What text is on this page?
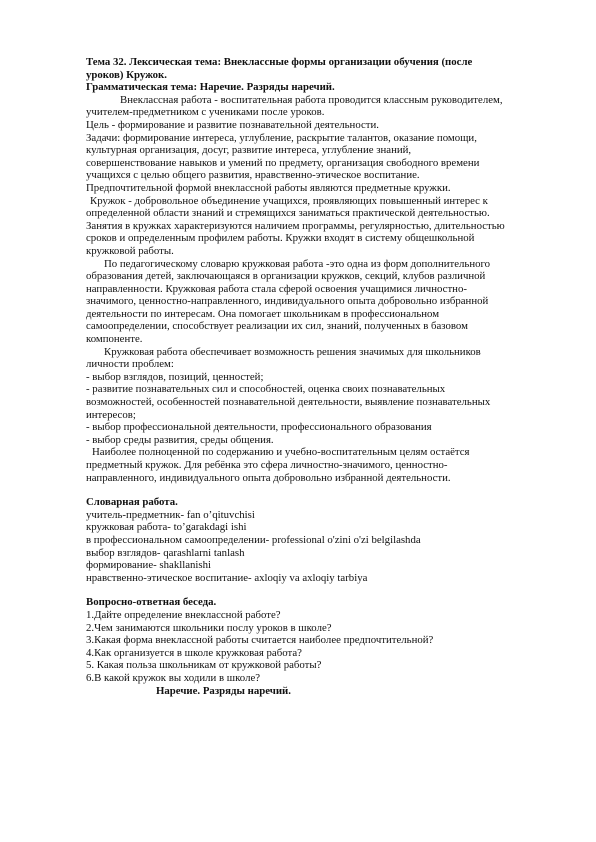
Тема 32. Лексическая тема: Внеклассные формы организации обучения (после
уроков) Кружок.
Грамматическая тема: Наречие. Разряды наречий.
Внеклассная работа - воспитательная работа проводится классным руководителем,
учителем-предметником с учениками после уроков.
Цель - формирование и развитие познавательной деятельности.
Задачи: формирование интереса, углубление, раскрытие талантов, оказание помощи,
культурная организация, досуг, развитие интереса, углубление знаний,
совершенствование навыков и умений по предмету, организация свободного времени
учащихся с целью общего развития, нравственно-этическое воспитание.
Предпочтительной формой внеклассной работы являются предметные кружки.
Кружок - добровольное объединение учащихся, проявляющих повышенный интерес к
определенной области знаний и стремящихся заниматься практической деятельностью.
Занятия в кружках характеризуются наличием программы, регулярностью, длительностью
сроков и определенным профилем работы. Кружки входят в систему общешкольной
кружковой работы.
По педагогическому словарю кружковая работа -это одна из форм дополнительного
образования детей, заключающаяся в организации кружков, секций, клубов различной
направленности. Кружковая работа стала сферой освоения учащимися личностно-
значимого, ценностно-направленного, индивидуального опыта добровольно избранной
деятельности по интересам. Она помогает школьникам в профессиональном
самоопределении, способствует реализации их сил, знаний, полученных в базовом
компоненте.
Кружковая работа обеспечивает возможность решения значимых для школьников
личности проблем:
- выбор взглядов, позиций, ценностей;
- развитие познавательных сил и способностей, оценка своих познавательных
возможностей, особенностей познавательной деятельности, выявление познавательных
интересов;
- выбор профессиональной деятельности, профессионального образования
- выбор среды развития, среды общения.
Наиболее полноценной по содержанию и учебно-воспитательным целям остаётся
предметный кружок. Для ребёнка это сфера личностно-значимого, ценностно-
направленного, индивидуального опыта добровольно избранной деятельности.
Словарная работа.
учитель-предметник- fan o’qituvchisi
кружковая работа- to’garakdagi ishi
в профессиональном самоопределении- professional o'zini o'zi belgilashda
выбор взглядов- qarashlarni tanlash
формирование- shakllanishi
нравственно-этическое воспитание- axloqiy va axloqiy tarbiya
Вопросно-ответная беседа.
1.Дайте определение внеклассной работе?
2.Чем занимаются школьники послу уроков в школе?
3.Какая форма внеклассной работы считается наиболее предпочтительной?
4.Как организуется в школе кружковая работа?
5. Какая польза школьникам от кружковой работы?
6.В какой кружок вы ходили в школе?
Наречие. Разряды наречий.
